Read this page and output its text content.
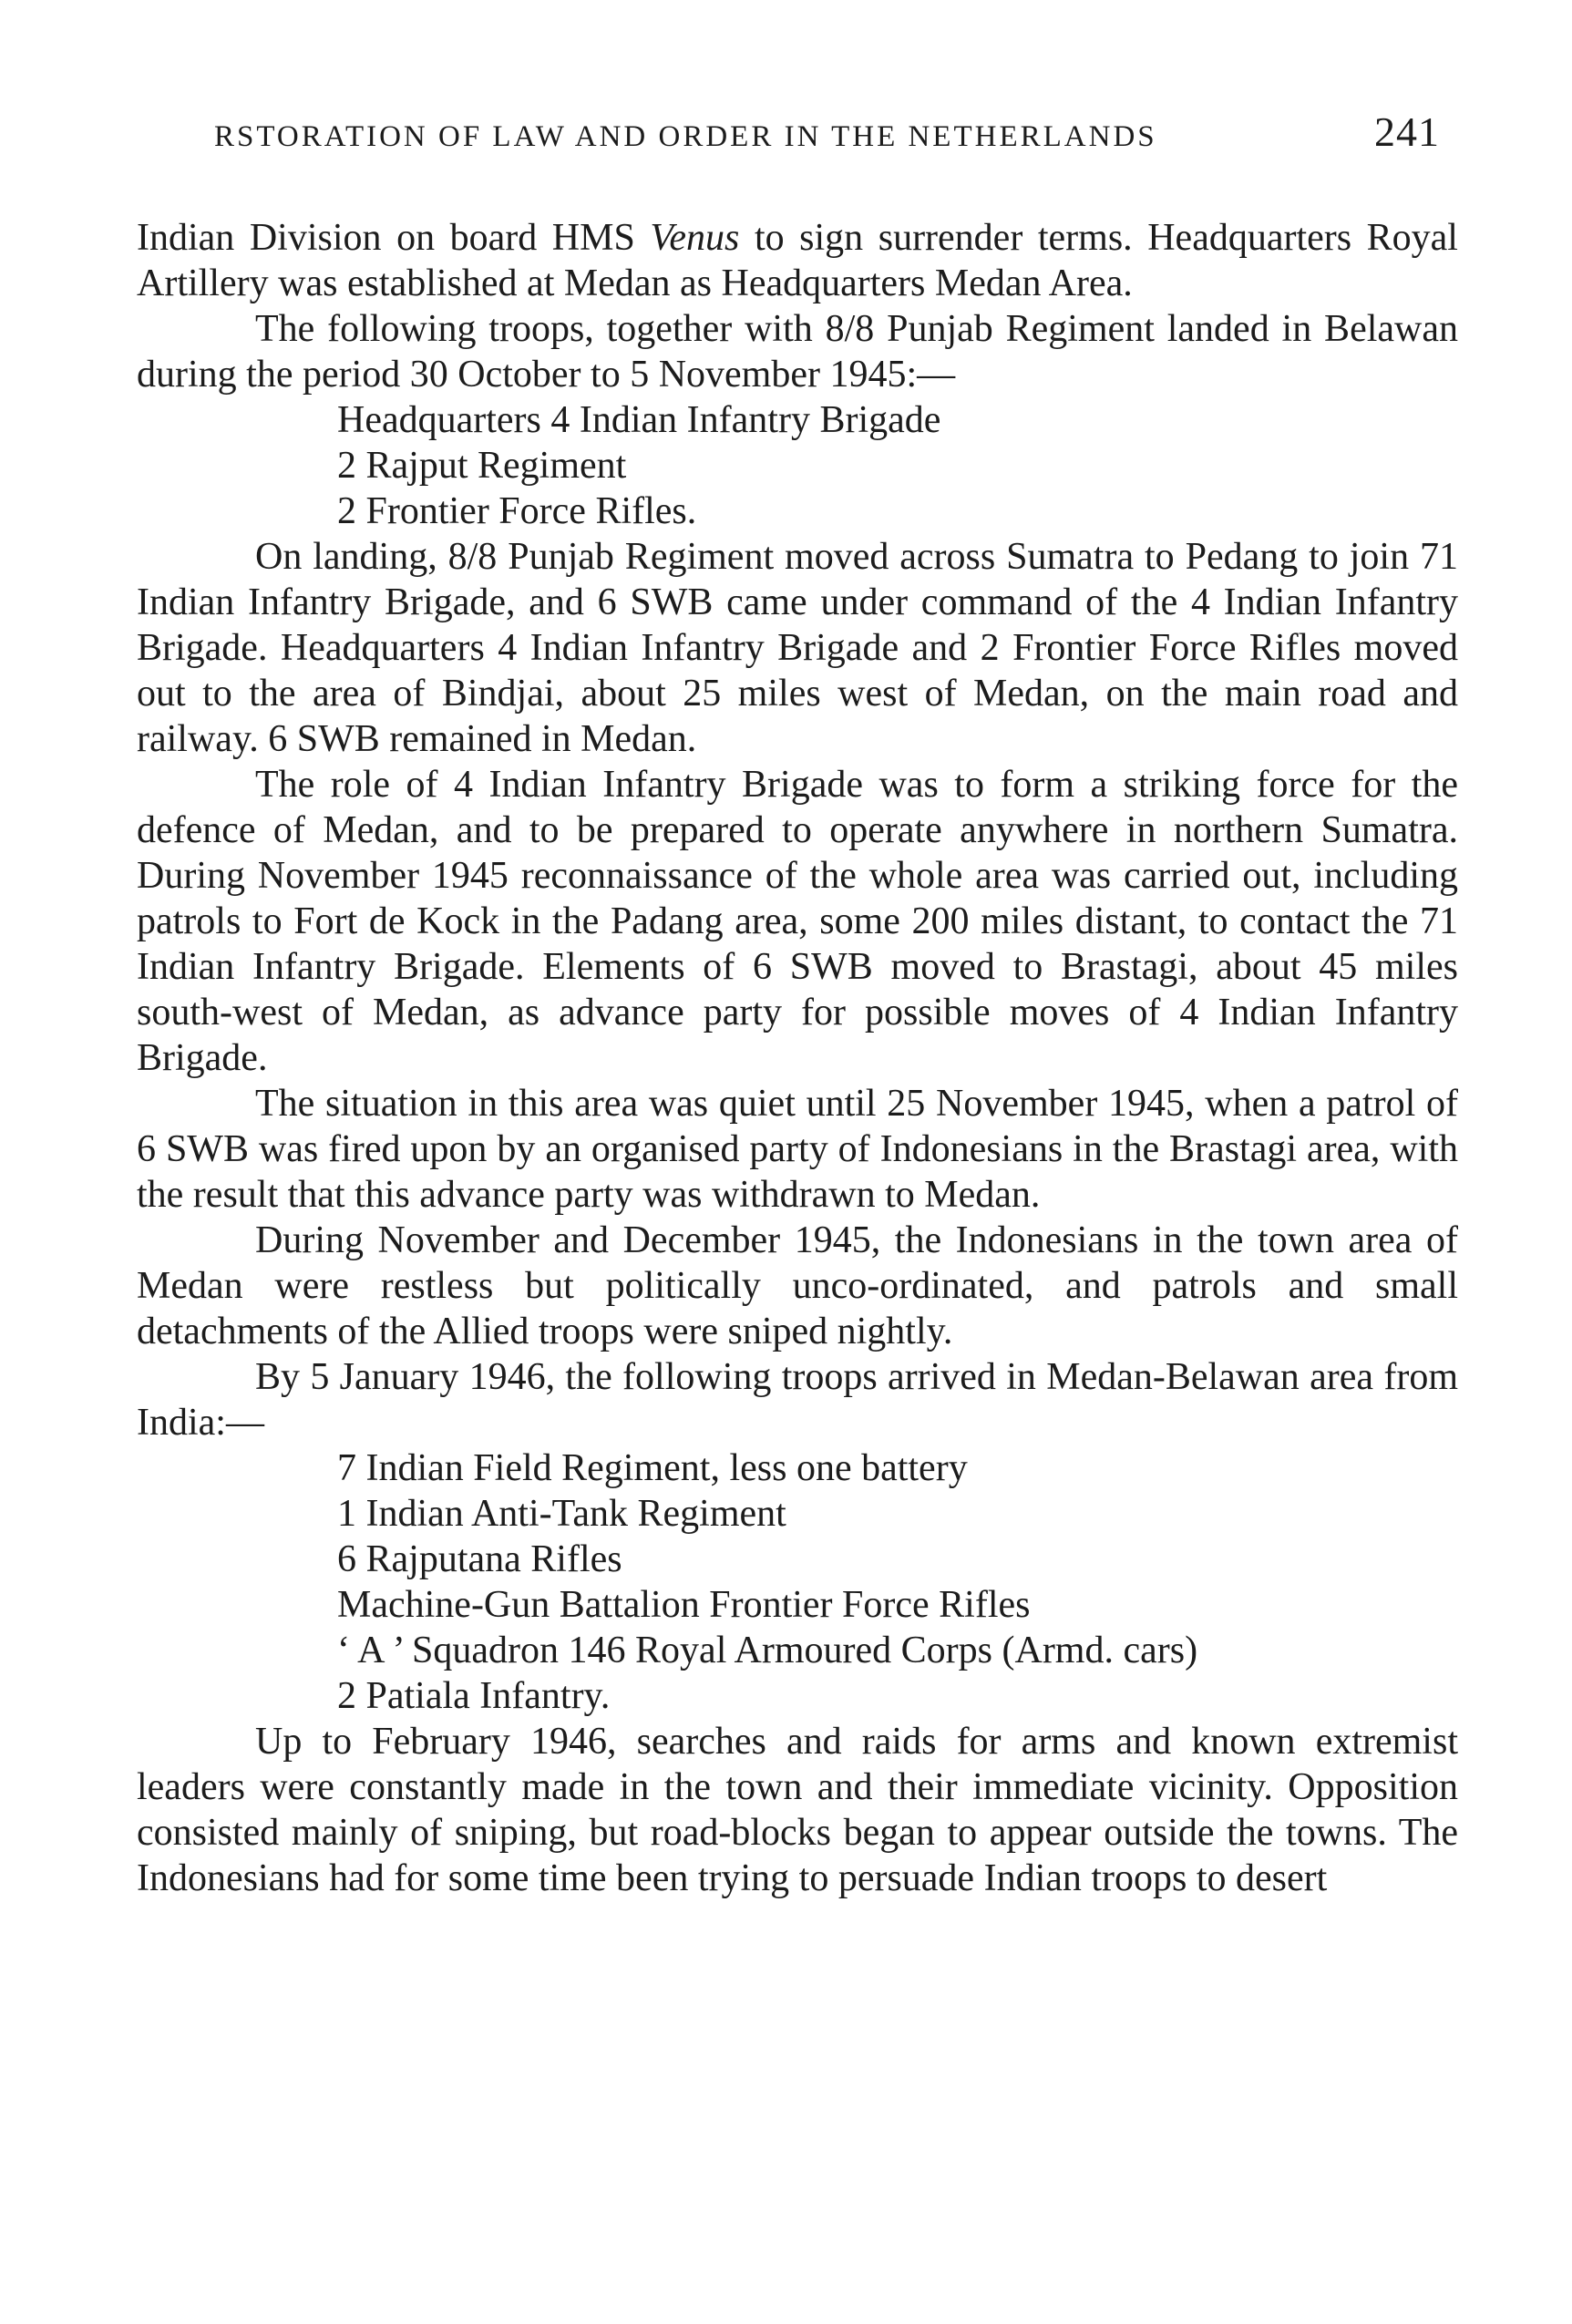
RSTORATION OF LAW AND ORDER IN THE NETHERLANDS	241

Indian Division on board HMS Venus to sign surrender terms. Headquarters Royal Artillery was established at Medan as Headquarters Medan Area.

The following troops, together with 8/8 Punjab Regiment landed in Belawan during the period 30 October to 5 November 1945:—

Headquarters 4 Indian Infantry Brigade
2 Rajput Regiment
2 Frontier Force Rifles.

On landing, 8/8 Punjab Regiment moved across Sumatra to Pedang to join 71 Indian Infantry Brigade, and 6 SWB came under command of the 4 Indian Infantry Brigade. Headquarters 4 Indian Infantry Brigade and 2 Frontier Force Rifles moved out to the area of Bindjai, about 25 miles west of Medan, on the main road and railway. 6 SWB remained in Medan.

The role of 4 Indian Infantry Brigade was to form a striking force for the defence of Medan, and to be prepared to operate anywhere in northern Sumatra. During November 1945 reconnaissance of the whole area was carried out, including patrols to Fort de Kock in the Padang area, some 200 miles distant, to contact the 71 Indian Infantry Brigade. Elements of 6 SWB moved to Brastagi, about 45 miles south-west of Medan, as advance party for possible moves of 4 Indian Infantry Brigade.

The situation in this area was quiet until 25 November 1945, when a patrol of 6 SWB was fired upon by an organised party of Indonesians in the Brastagi area, with the result that this advance party was withdrawn to Medan.

During November and December 1945, the Indonesians in the town area of Medan were restless but politically unco-ordinated, and patrols and small detachments of the Allied troops were sniped nightly.

By 5 January 1946, the following troops arrived in Medan-Belawan area from India:—

7 Indian Field Regiment, less one battery
1 Indian Anti-Tank Regiment
6 Rajputana Rifles
Machine-Gun Battalion Frontier Force Rifles
‘ A ’ Squadron 146 Royal Armoured Corps (Armd. cars)
2 Patiala Infantry.

Up to February 1946, searches and raids for arms and known extremist leaders were constantly made in the town and their immediate vicinity. Opposition consisted mainly of sniping, but road-blocks began to appear outside the towns. The Indonesians had for some time been trying to persuade Indian troops to desert
